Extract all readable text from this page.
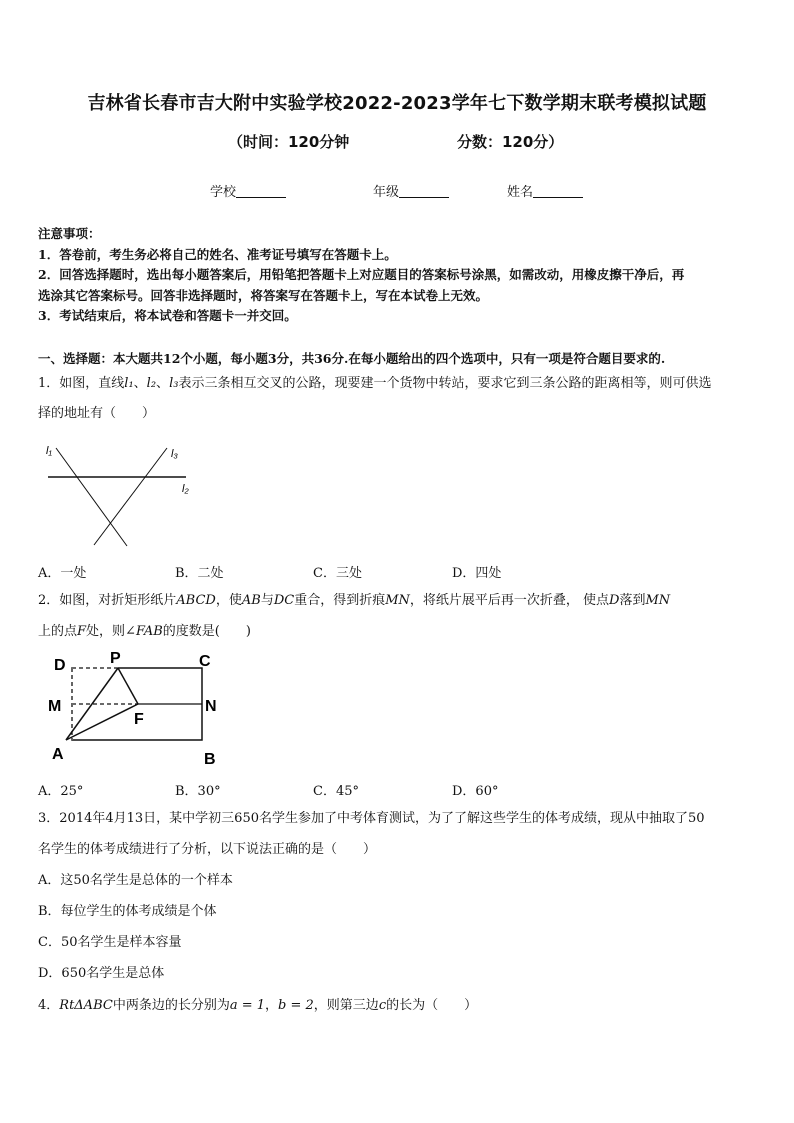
吉林省长春市吉大附中实验学校2022-2023学年七下数学期末联考模拟试题
（时间：120分钟	分数：120分）
学校	年级	姓名
注意事项：
1．答卷前，考生务必将自己的姓名、准考证号填写在答题卡上。
2．回答选择题时，选出每小题答案后，用铅笔把答题卡上对应题目的答案标号涂黑，如需改动，用橡皮擦干净后，再
选涂其它答案标号。回答非选择题时，将答案写在答题卡上，写在本试卷上无效。
3．考试结束后，将本试卷和答题卡一并交回。
一、选择题：本大题共12个小题，每小题3分，共36分.在每小题给出的四个选项中，只有一项是符合题目要求的.
1．如图，直线l₁、l₂、l₃表示三条相互交叉的公路，现要建一个货物中转站，要求它到三条公路的距离相等，则可供选
择的地址有（　　）
l₁	l₃
l₂
A．一处	B．二处	C．三处	D．四处
2．如图，对折矩形纸片ABCD，使AB与DC重合，得到折痕MN，将纸片展平后再一次折叠， 使点D落到MN
上的点F处，则∠FAB的度数是(　　)
D	P	C
M	N
F
A	B
A．25°	B．30°	C．45°	D．60°
3．2014年4月13日，某中学初三650名学生参加了中考体育测试，为了了解这些学生的体考成绩，现从中抽取了50
名学生的体考成绩进行了分析，以下说法正确的是（　　）
A．这50名学生是总体的一个样本
B．每位学生的体考成绩是个体
C．50名学生是样本容量
D．650名学生是总体
4．RtΔABC中两条边的长分别为a = 1，b = 2，则第三边c的长为（　　）
